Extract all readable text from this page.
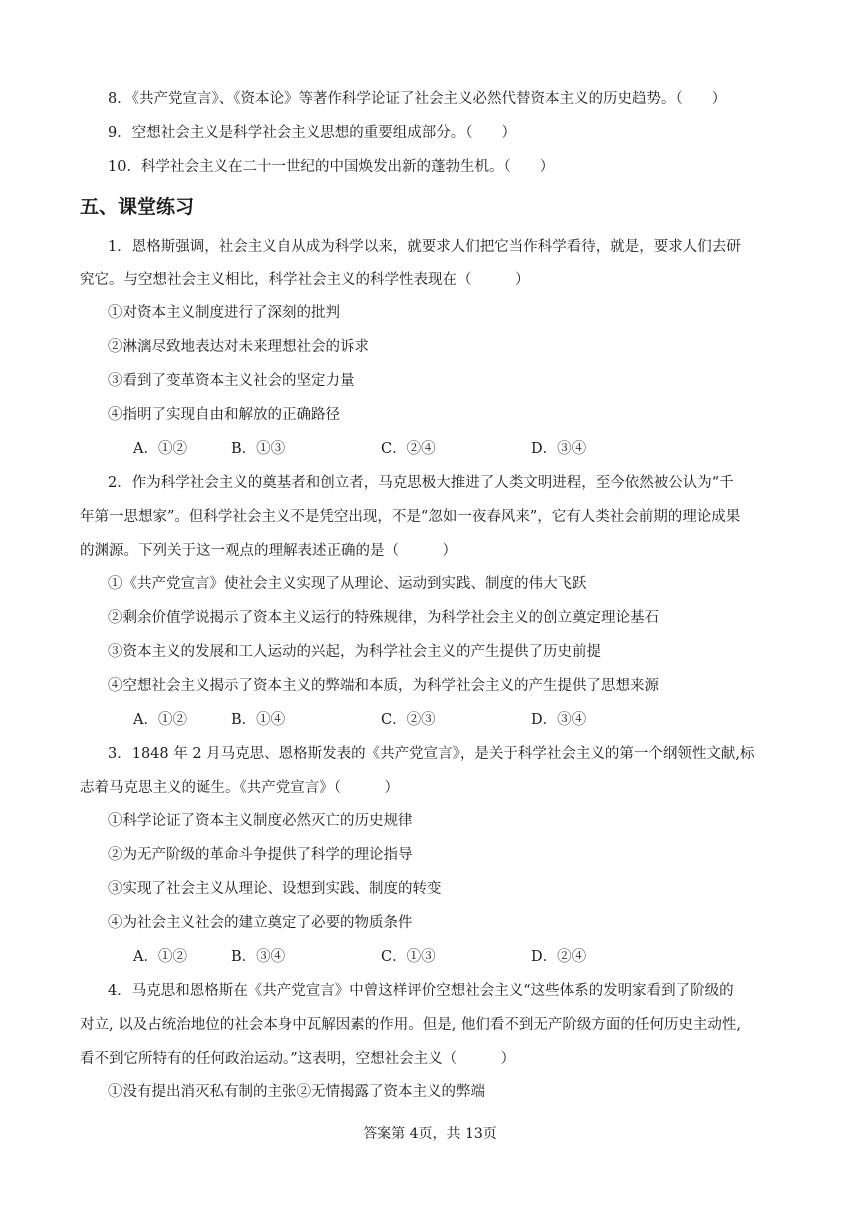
8．《共产党宣言》、《资本论》等著作科学论证了社会主义必然代替资本主义的历史趋势。（　　）
9．空想社会主义是科学社会主义思想的重要组成部分。（　　）
10．科学社会主义在二十一世纪的中国焕发出新的蓬勃生机。（　　）
五、课堂练习
1．恩格斯强调，社会主义自从成为科学以来，就要求人们把它当作科学看待，就是，要求人们去研
究它。与空想社会主义相比，科学社会主义的科学性表现在（　　　）
①对资本主义制度进行了深刻的批判
②淋漓尽致地表达对未来理想社会的诉求
③看到了变革资本主义社会的坚定力量
④指明了实现自由和解放的正确路径
A．①②	B．①③	C．②④	D．③④
2．作为科学社会主义的奠基者和创立者，马克思极大推进了人类文明进程，至今依然被公认为“千
年第一思想家”。但科学社会主义不是凭空出现，不是“忽如一夜春风来”，它有人类社会前期的理论成果
的渊源。下列关于这一观点的理解表述正确的是（　　　）
①《共产党宣言》使社会主义实现了从理论、运动到实践、制度的伟大飞跃
②剩余价值学说揭示了资本主义运行的特殊规律，为科学社会主义的创立奠定理论基石
③资本主义的发展和工人运动的兴起，为科学社会主义的产生提供了历史前提
④空想社会主义揭示了资本主义的弊端和本质，为科学社会主义的产生提供了思想来源
A．①②	B．①④	C．②③	D．③④
3．1848 年 2 月马克思、恩格斯发表的《共产党宣言》，是关于科学社会主义的第一个纲领性文献,标
志着马克思主义的诞生。《共产党宣言》（　　　）
①科学论证了资本主义制度必然灭亡的历史规律
②为无产阶级的革命斗争提供了科学的理论指导
③实现了社会主义从理论、设想到实践、制度的转变
④为社会主义社会的建立奠定了必要的物质条件
A．①②	B．③④	C．①③	D．②④
4．马克思和恩格斯在《共产党宣言》中曾这样评价空想社会主义“这些体系的发明家看到了阶级的
对立, 以及占统治地位的社会本身中瓦解因素的作用。但是, 他们看不到无产阶级方面的任何历史主动性,
看不到它所特有的任何政治运动。”这表明，空想社会主义（　　　）
①没有提出消灭私有制的主张②无情揭露了资本主义的弊端
答案第 4页，共 13页
